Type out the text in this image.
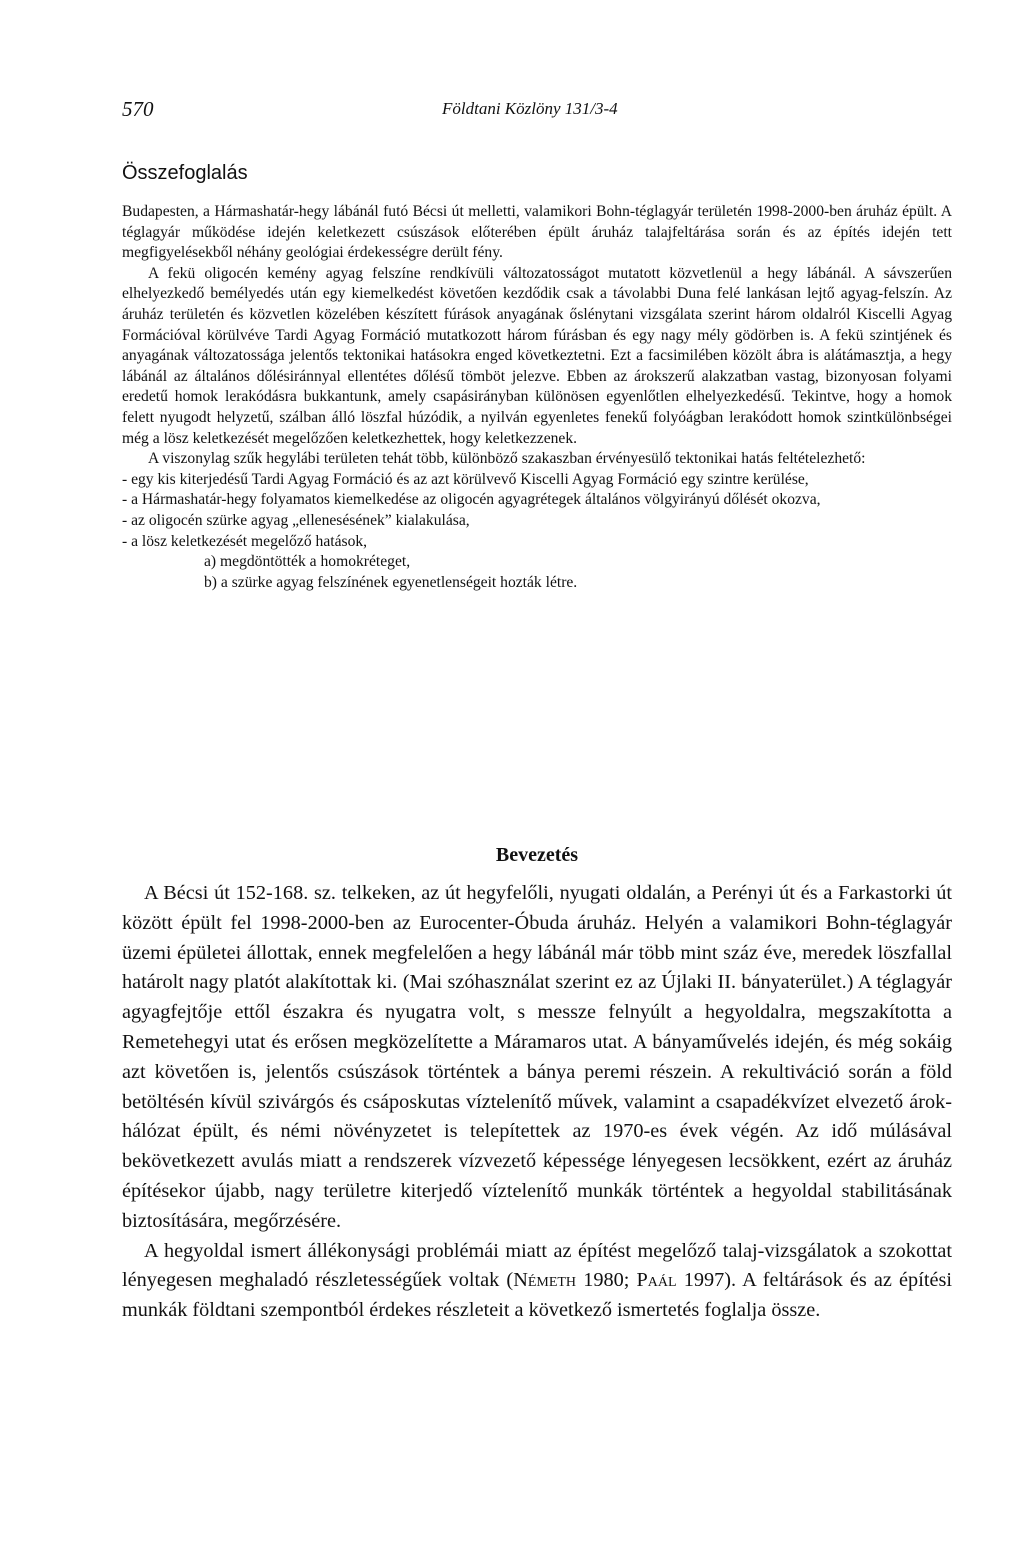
570	Földtani Közlöny 131/3-4
Összefoglalás

Budapesten, a Hármashatár-hegy lábánál futó Bécsi út melletti, valamikori Bohn-téglagyár területén 1998-2000-ben áruház épült. A téglagyár működése idején keletkezett csúszások előterében épült áruház talajfeltárása során és az építés idején tett megfigyelésekből néhány geológiai érdekességre derült fény.

A fekü oligocén kemény agyag felszíne rendkívüli változatosságot mutatott közvetlenül a hegy lábánál. A sávszerűen elhelyezkedő bemélyedés után egy kiemelkedést követően kezdődik csak a távolabbi Duna felé lankásan lejtő agyag-felszín. Az áruház területén és közvetlen közelében készített fúrások anyagának őslénytani vizsgálata szerint három oldalról Kiscelli Agyag Formációval körülvéve Tardi Agyag Formáció mutatkozott három fúrásban és egy nagy mély gödörben is. A fekü szintjének és anyagának változatossága jelentős tektonikai hatásokra enged következtetni. Ezt a facsimilében közölt ábra is alátámasztja, a hegy lábánál az általános dőlésiránnyal ellentétes dőlésű tömböt jelezve. Ebben az árokszerű alakzatban vastag, bizonyosan folyami eredetű homok lerakódásra bukkantunk, amely csapásirányban különösen egyenlőtlen elhelyezkedésű. Tekintve, hogy a homok felett nyugodt helyzetű, szálban álló löszfal húzódik, a nyilván egyenletes fenekű folyóágban lerakódott homok szintkülönbségei még a lösz keletkezését megelőzően keletkezhettek, hogy keletkezzenek.

A viszonylag szűk hegylábi területen tehát több, különböző szakaszban érvényesülő tektonikai hatás feltételezhető:

- egy kis kiterjedésű Tardi Agyag Formáció és az azt körülvevő Kiscelli Agyag Formáció egy szintre kerülése,

- a Hármashatár-hegy folyamatos kiemelkedése az oligocén agyagrétegek általános völgyirányú dőlését okozva,

- az oligocén szürke agyag „ellenesésének” kialakulása,

- a lösz keletkezését megelőző hatások,

a) megdöntötték a homokréteget,

b) a szürke agyag felszínének egyenetlenségeit hozták létre.

Bevezetés

A Bécsi út 152-168. sz. telkeken, az út hegyfelőli, nyugati oldalán, a Perényi út és a Farkastorki út között épült fel 1998-2000-ben az Eurocenter-Óbuda áruház. Helyén a valamikori Bohn-téglagyár üzemi épületei állottak, ennek megfelelően a hegy lábánál már több mint száz éve, meredek löszfallal határolt nagy platót alakítottak ki. (Mai szóhasználat szerint ez az Újlaki II. bányaterület.) A téglagyár agyagfejtője ettől északra és nyugatra volt, s messze felnyúlt a hegyoldalra, megszakította a Remetehegyi utat és erősen megközelítette a Máramaros utat. A bányaművelés idején, és még sokáig azt követően is, jelentős csúszások történtek a bánya peremi részein. A rekultiváció során a föld betöltésén kívül szivárgós és csáposkutas víztelenítő művek, valamint a csapadékvízet elvezető árok-hálózat épült, és némi növényzetet is telepítettek az 1970-es évek végén. Az idő múlásával bekövetkezett avulás miatt a rendszerek vízvezető képessége lényegesen lecsökkent, ezért az áruház építésekor újabb, nagy területre kiterjedő víztelenítő munkák történtek a hegyoldal stabilitásának biztosítására, megőrzésére.

A hegyoldal ismert állékonysági problémái miatt az építést megelőző talaj-vizsgálatok a szokottat lényegesen meghaladó részletességűek voltak (Németh 1980; Paál 1997). A feltárások és az építési munkák földtani szempontból érdekes részleteit a következő ismertetés foglalja össze.
